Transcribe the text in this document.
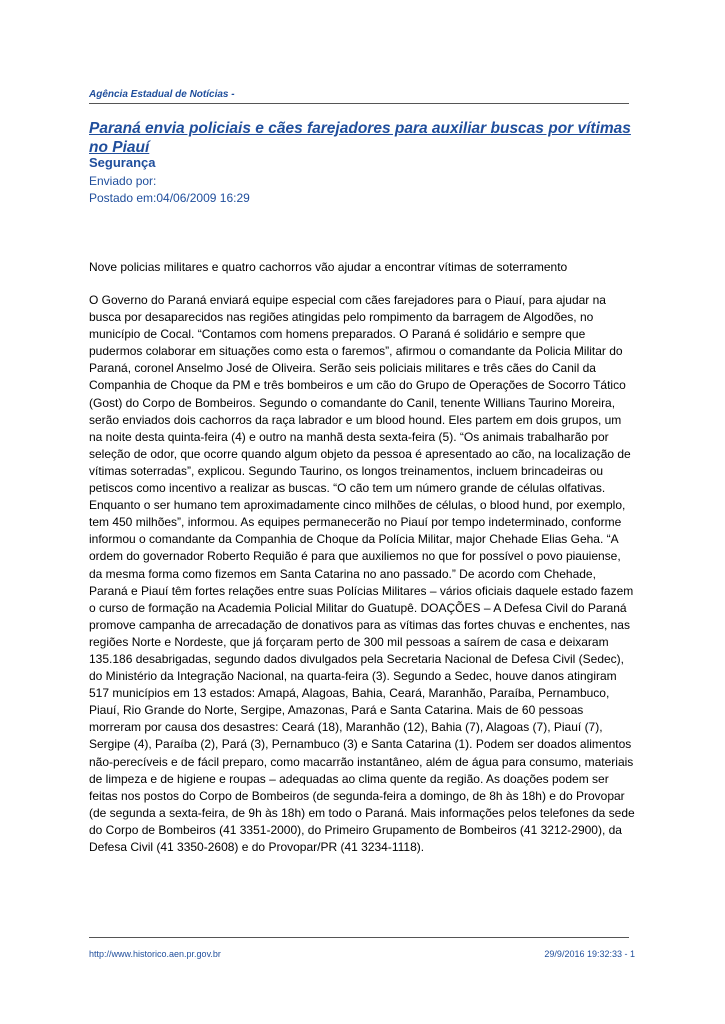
Agência Estadual de Notícias -
Paraná envia policiais e cães farejadores para auxiliar buscas por vítimas no Piauí
Segurança
Enviado por:
Postado em:04/06/2009 16:29
Nove policias militares e quatro cachorros vão ajudar a encontrar vítimas de soterramento

O Governo do Paraná enviará equipe especial com cães farejadores para o Piauí, para ajudar na busca por desaparecidos nas regiões atingidas pelo rompimento da barragem de Algodões, no município de Cocal. “Contamos com homens preparados. O Paraná é solidário e sempre que pudermos colaborar em situações como esta o faremos”, afirmou o comandante da Policia Militar do Paraná, coronel Anselmo José de Oliveira. Serão seis policiais militares e três cães do Canil da Companhia de Choque da PM e três bombeiros e um cão do Grupo de Operações de Socorro Tático (Gost) do Corpo de Bombeiros. Segundo o comandante do Canil, tenente Willians Taurino Moreira, serão enviados dois cachorros da raça labrador e um blood hound. Eles partem em dois grupos, um na noite desta quinta-feira (4) e outro na manhã desta sexta-feira (5). “Os animais trabalharão por seleção de odor, que ocorre quando algum objeto da pessoa é apresentado ao cão, na localização de vítimas soterradas”, explicou. Segundo Taurino, os longos treinamentos, incluem brincadeiras ou petiscos como incentivo a realizar as buscas. “O cão tem um número grande de células olfativas. Enquanto o ser humano tem aproximadamente cinco milhões de células, o blood hund, por exemplo, tem 450 milhões”, informou. As equipes permanecerão no Piauí por tempo indeterminado, conforme informou o comandante da Companhia de Choque da Polícia Militar, major Chehade Elias Geha. “A ordem do governador Roberto Requião é para que auxiliemos no que for possível o povo piauiense, da mesma forma como fizemos em Santa Catarina no ano passado.” De acordo com Chehade, Paraná e Piauí têm fortes relações entre suas Polícias Militares – vários oficiais daquele estado fazem o curso de formação na Academia Policial Militar do Guatupê. DOAÇÕES – A Defesa Civil do Paraná promove campanha de arrecadação de donativos para as vítimas das fortes chuvas e enchentes, nas regiões Norte e Nordeste, que já forçaram perto de 300 mil pessoas a saírem de casa e deixaram 135.186 desabrigadas, segundo dados divulgados pela Secretaria Nacional de Defesa Civil (Sedec), do Ministério da Integração Nacional, na quarta-feira (3). Segundo a Sedec, houve danos atingiram 517 municípios em 13 estados: Amapá, Alagoas, Bahia, Ceará, Maranhão, Paraíba, Pernambuco, Piauí, Rio Grande do Norte, Sergipe, Amazonas, Pará e Santa Catarina. Mais de 60 pessoas morreram por causa dos desastres: Ceará (18), Maranhão (12), Bahia (7), Alagoas (7), Piauí (7), Sergipe (4), Paraíba (2), Pará (3), Pernambuco (3) e Santa Catarina (1). Podem ser doados alimentos não-perecíveis e de fácil preparo, como macarrão instantâneo, além de água para consumo, materiais de limpeza e de higiene e roupas – adequadas ao clima quente da região. As doações podem ser feitas nos postos do Corpo de Bombeiros (de segunda-feira a domingo, de 8h às 18h) e do Provopar (de segunda a sexta-feira, de 9h às 18h) em todo o Paraná. Mais informações pelos telefones da sede do Corpo de Bombeiros (41 3351-2000), do Primeiro Grupamento de Bombeiros (41 3212-2900), da Defesa Civil (41 3350-2608) e do Provopar/PR (41 3234-1118).

http://www.historico.aen.pr.gov.br	29/9/2016 19:32:33 - 1
